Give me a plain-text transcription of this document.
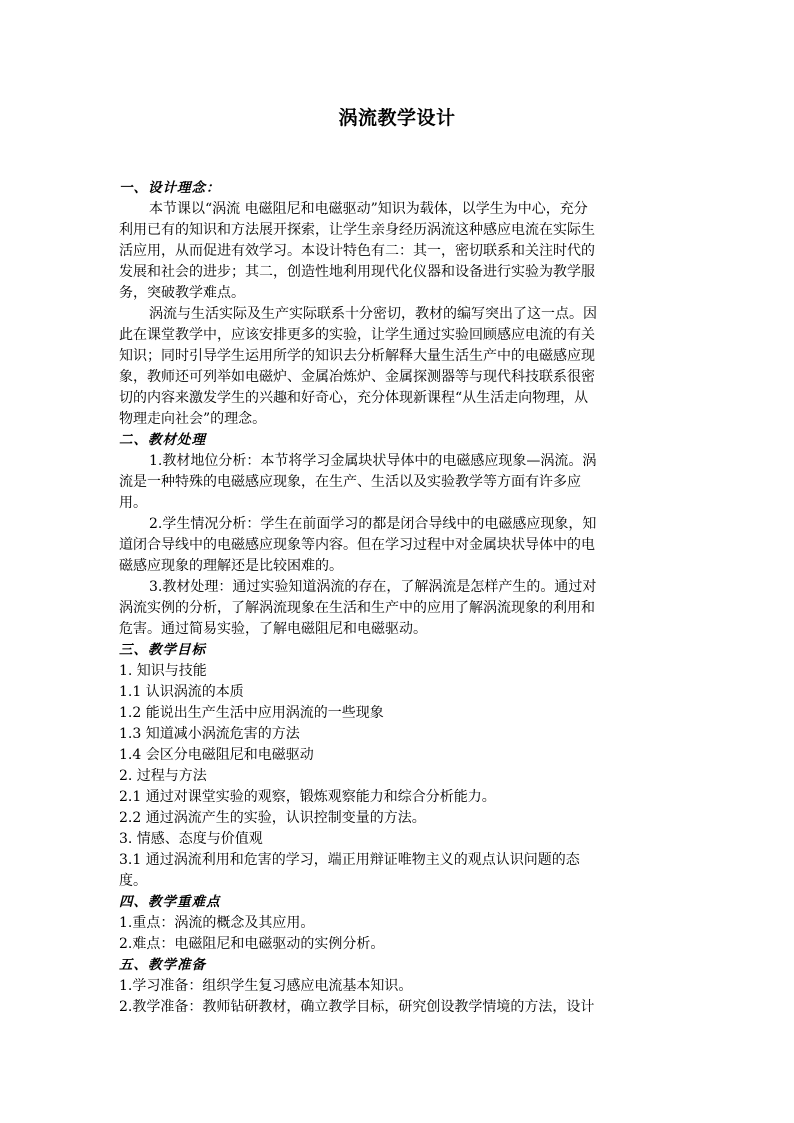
涡流教学设计

一、设计理念：

本节课以“涡流 电磁阻尼和电磁驱动”知识为载体，以学生为中心，充分

利用已有的知识和方法展开探索，让学生亲身经历涡流这种感应电流在实际生

活应用，从而促进有效学习。本设计特色有二：其一，密切联系和关注时代的

发展和社会的进步；其二，创造性地利用现代化仪器和设备进行实验为教学服

务，突破教学难点。

涡流与生活实际及生产实际联系十分密切，教材的编写突出了这一点。因

此在课堂教学中，应该安排更多的实验，让学生通过实验回顾感应电流的有关

知识；同时引导学生运用所学的知识去分析解释大量生活生产中的电磁感应现

象，教师还可列举如电磁炉、金属冶炼炉、金属探测器等与现代科技联系很密

切的内容来激发学生的兴趣和好奇心，充分体现新课程“从生活走向物理，从

物理走向社会”的理念。

二、教材处理

1.教材地位分析：本节将学习金属块状导体中的电磁感应现象—涡流。涡

流是一种特殊的电磁感应现象，在生产、生活以及实验教学等方面有许多应

用。

2.学生情况分析：学生在前面学习的都是闭合导线中的电磁感应现象，知

道闭合导线中的电磁感应现象等内容。但在学习过程中对金属块状导体中的电

磁感应现象的理解还是比较困难的。

3.教材处理：通过实验知道涡流的存在，了解涡流是怎样产生的。通过对

涡流实例的分析，了解涡流现象在生活和生产中的应用了解涡流现象的利用和

危害。通过简易实验，了解电磁阻尼和电磁驱动。

三、教学目标

1. 知识与技能

1.1 认识涡流的本质

1.2 能说出生产生活中应用涡流的一些现象

1.3 知道减小涡流危害的方法

1.4 会区分电磁阻尼和电磁驱动

2. 过程与方法

2.1 通过对课堂实验的观察，锻炼观察能力和综合分析能力。

2.2 通过涡流产生的实验，认识控制变量的方法。

3. 情感、态度与价值观

3.1 通过涡流利用和危害的学习，端正用辩证唯物主义的观点认识问题的态

度。

四、教学重难点

1.重点：涡流的概念及其应用。

2.难点：电磁阻尼和电磁驱动的实例分析。

五、教学准备

1.学习准备：组织学生复习感应电流基本知识。

2.教学准备：教师钻研教材，确立教学目标，研究创设教学情境的方法，设计
